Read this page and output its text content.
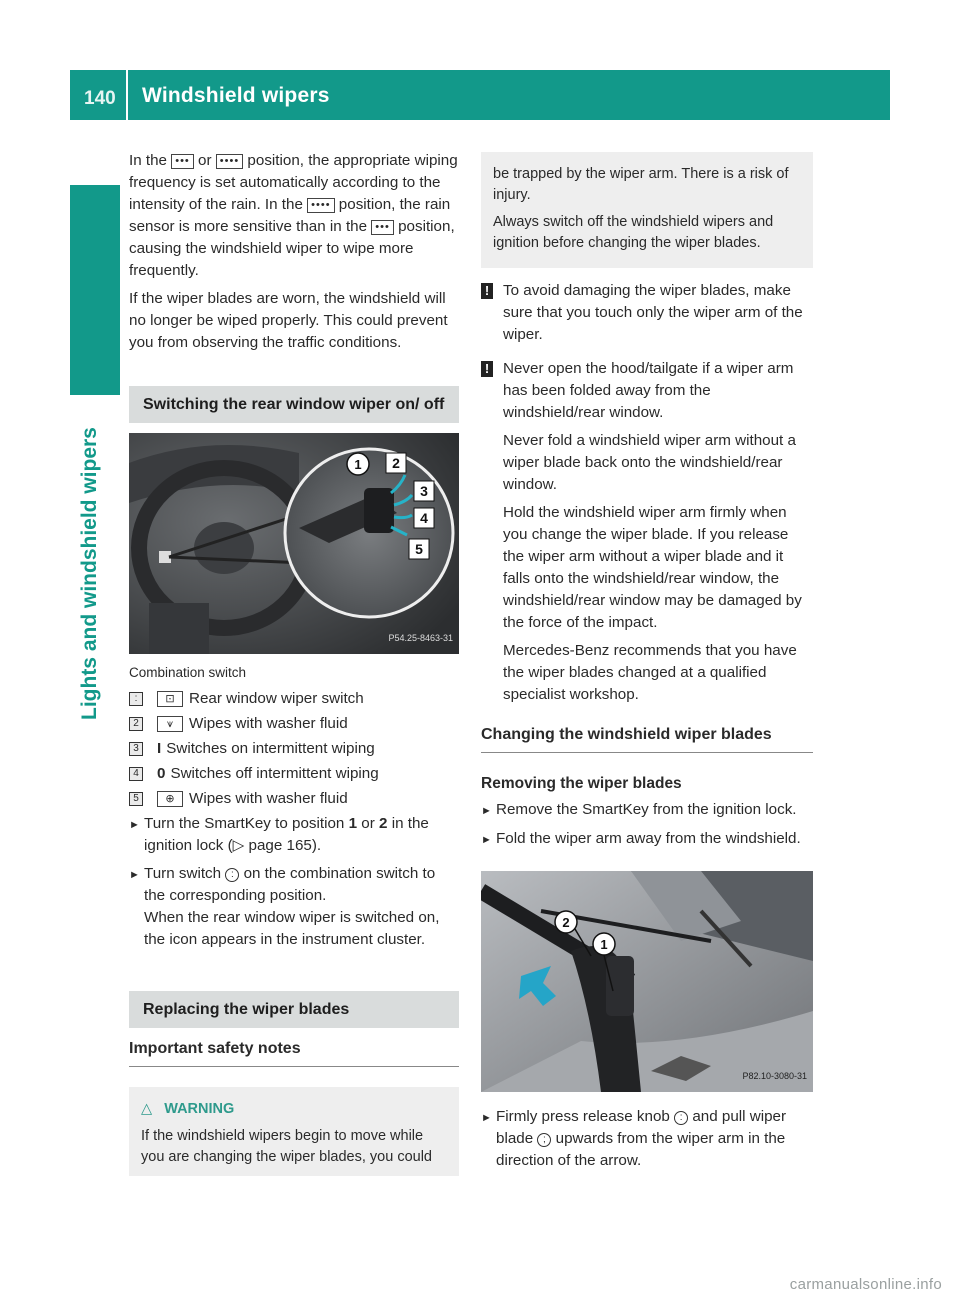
140 Windshield wipers
Lights and windshield wipers

In the ••• or •••• position, the appropriate wiping frequency is set automatically according to the intensity of the rain. In the •••• position, the rain sensor is more sensitive than in the ••• position, causing the windshield wiper to wipe more frequently.

If the wiper blades are worn, the windshield will no longer be wiped properly. This could prevent you from observing the traffic conditions.

Switching the rear window wiper on/ off
1 2
3
4
5
P54.25-8463-31
Combination switch
:	⊡ Rear window wiper switch
2	⩛	Wipes with washer fluid
3 I Switches on intermittent wiping
4 0 Switches off intermittent wiping
5	⊕ Wipes with washer fluid
► Turn the SmartKey to position 1 or 2 in the ignition lock (▷ page 165).
► Turn switch : on the combination switch to the corresponding position.
When the rear window wiper is switched on, the icon appears in the instrument cluster.
Replacing the wiper blades
Important safety notes
△ WARNING
If the windshield wipers begin to move while you are changing the wiper blades, you could

be trapped by the wiper arm. There is a risk of injury.

Always switch off the windshield wipers and ignition before changing the wiper blades.

! To avoid damaging the wiper blades, make sure that you touch only the wiper arm of the wiper.

! Never open the hood/tailgate if a wiper arm has been folded away from the windshield/rear window.

Never fold a windshield wiper arm without a wiper blade back onto the windshield/rear window.

Hold the windshield wiper arm firmly when you change the wiper blade. If you release the wiper arm without a wiper blade and it falls onto the windshield/rear window, the windshield/rear window may be damaged by the force of the impact.

Mercedes-Benz recommends that you have the wiper blades changed at a qualified specialist workshop.

Changing the windshield wiper blades
Removing the wiper blades
► Remove the SmartKey from the ignition lock.
► Fold the wiper arm away from the windshield.
2
1
P82.10-3080-31
► Firmly press release knob : and pull wiper blade ; upwards from the wiper arm in the direction of the arrow.
carmanualsonline.info
